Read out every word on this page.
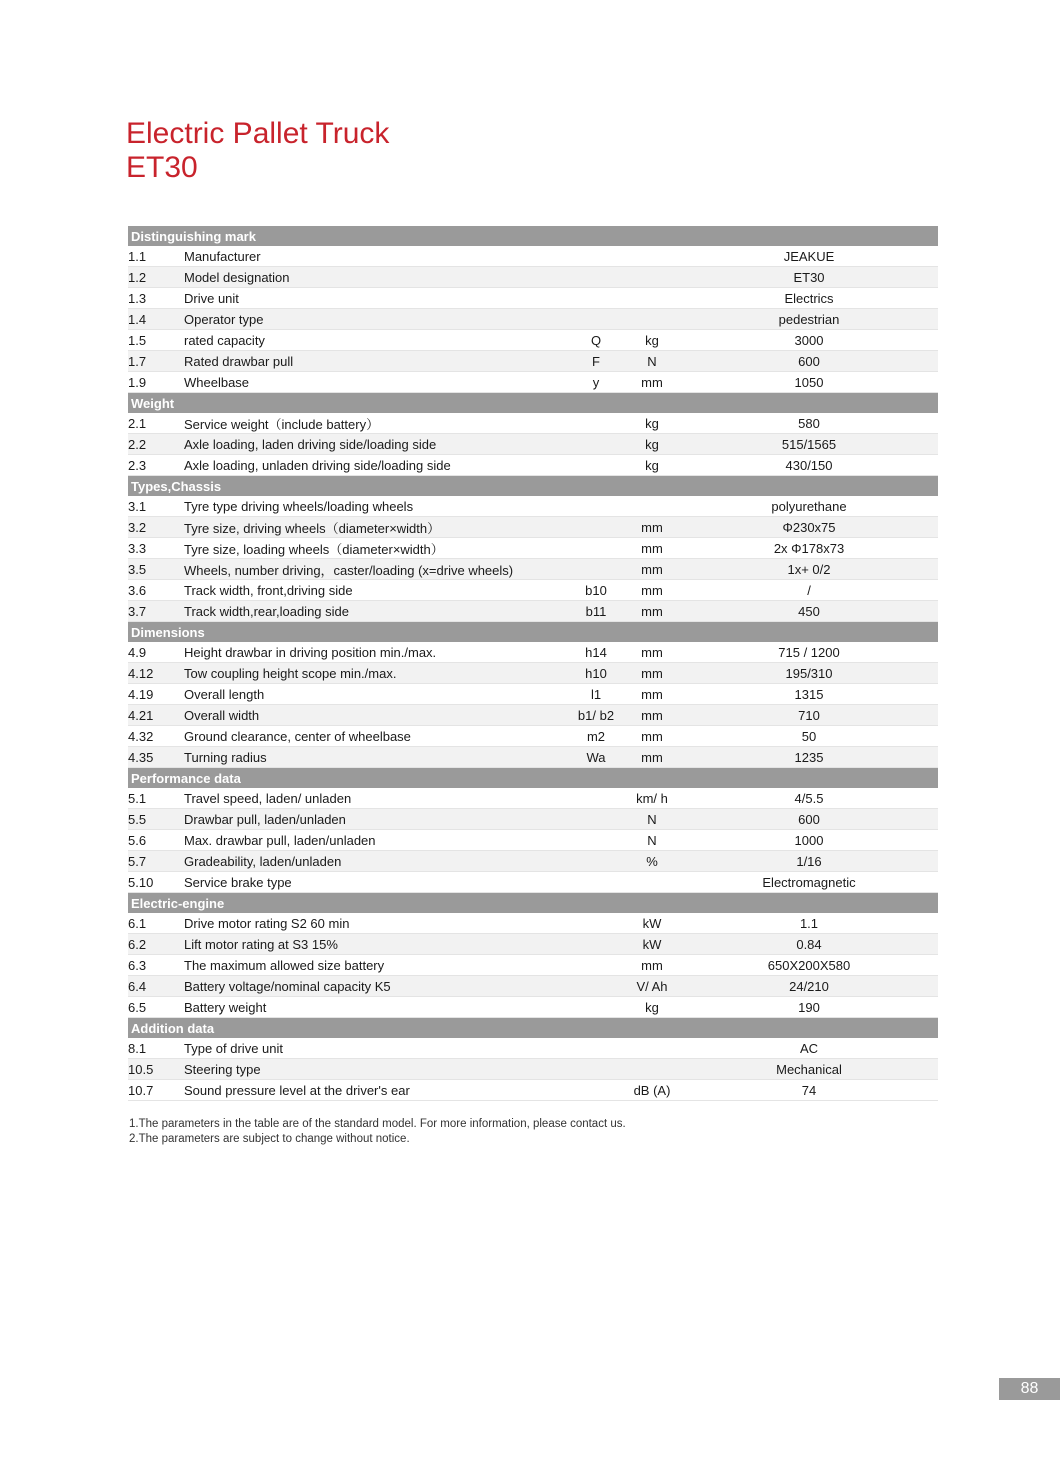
Electric Pallet Truck
ET30
Distinguishing mark				
1.1	Manufacturer			JEAKUE
1.2	Model designation			ET30
1.3	Drive unit			Electrics
1.4	Operator type			pedestrian
1.5	rated capacity	Q	kg	3000
1.7	Rated drawbar pull	F	N	600
1.9	Wheelbase	y	mm	1050
Weight				
2.1	Service weight（include battery）		kg	580
2.2	Axle loading, laden driving side/loading side		kg	515/1565
2.3	Axle loading, unladen driving side/loading side		kg	430/150
Types,Chassis				
3.1	Tyre type driving wheels/loading wheels			polyurethane
3.2	Tyre size, driving wheels（diameter×width）		mm	Φ230x75
3.3	Tyre size, loading wheels（diameter×width）		mm	2x Φ178x73
3.5	Wheels, number driving，caster/loading (x=drive wheels)		mm	1x+ 0/2
3.6	Track width, front,driving side	b10	mm	/
3.7	Track width,rear,loading side	b11	mm	450
Dimensions				
4.9	Height drawbar in driving position min./max.	h14	mm	715 / 1200
4.12	Tow coupling height scope min./max.	h10	mm	195/310
4.19	Overall length	l1	mm	1315
4.21	Overall width	b1/ b2	mm	710
4.32	Ground clearance, center of wheelbase	m2	mm	50
4.35	Turning radius	Wa	mm	1235
Performance data				
5.1	Travel speed, laden/ unladen		km/ h	4/5.5
5.5	Drawbar pull, laden/unladen		N	600
5.6	Max. drawbar pull, laden/unladen		N	1000
5.7	Gradeability, laden/unladen		%	1/16
5.10	Service brake type			Electromagnetic
Electric-engine				
6.1	Drive motor rating S2 60 min		kW	1.1
6.2	Lift motor rating at S3 15%		kW	0.84
6.3	The maximum allowed size battery		mm	650X200X580
6.4	Battery voltage/nominal capacity K5		V/ Ah	24/210
6.5	Battery weight		kg	190
Addition data				
8.1	Type of drive unit			AC
10.5	Steering type			Mechanical
10.7	Sound pressure level at the driver's ear		dB (A)	74
1.The parameters in the table are of the standard model. For more information, please contact us.
2.The parameters are subject to change without notice.
88
